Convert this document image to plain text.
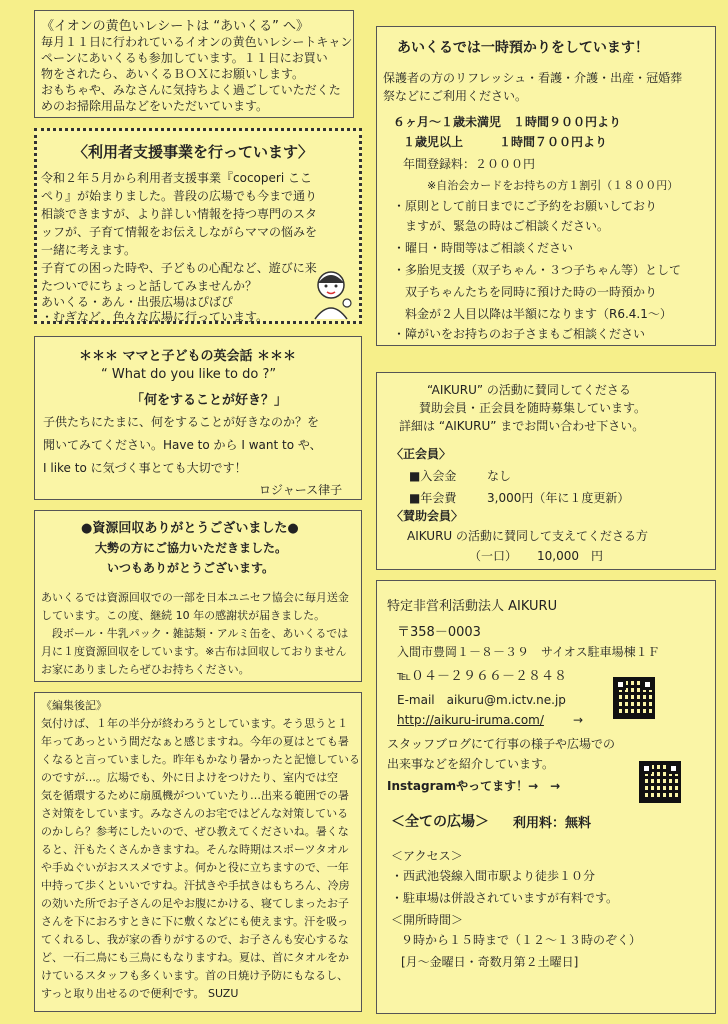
《イオンの黄色いレシートは “あいくる” へ》
毎月１１日に行われているイオンの黄色いレシートキャン
ペーンにあいくるも参加しています。１１日にお買い
物をされたら、あいくるＢＯＸにお願いします。
おもちゃや、みなさんに気持ちよく過ごしていただくた
めのお掃除用品などをいただいています。
〈利用者支援事業を行っています〉
令和２年５月から利用者支援事業『cocoperi ここ
ぺり』が始まりました。普段の広場でも今まで通り
相談できますが、より詳しい情報を持つ専門のスタ
ッフが、子育て情報をお伝えしながらママの悩みを
一緒に考えます。
子育ての困った時や、子どもの心配など、遊びに来
たついでにちょっと話してみませんか？
あいくる・あん・出張広場はぴばぴ
・むぎなど、色々な広場に行っています。
＊＊＊ ママと子どもの英会話 ＊＊＊
“ What do you like to do ?”
「何をすることが好き？」
子供たちにたまに、何をすることが好きなのか？を
聞いてみてください。Have to から I want to や、
I like to に気づく事とても大切です！
ロジャース律子
●資源回収ありがとうございました●
大勢の方にご協力いただきました。
いつもありがとうございます。
あいくるでは資源回収での一部を日本ユニセフ協会に毎月送金
しています。この度、継続 10 年の感謝状が届きました。
　段ボール・牛乳パック・雑誌類・アルミ缶を、あいくるでは
月に１度資源回収をしています。※古布は回収しておりません
お家にありましたらぜひお持ちください。
《編集後記》
気付けば、１年の半分が終わろうとしています。そう思うと１
年ってあっという間だなぁと感じますね。今年の夏はとても暑
くなると言っていました。昨年もかなり暑かったと記憶している
のですが…。広場でも、外に日よけをつけたり、室内では空
気を循環するために扇風機がついていたり…出来る範囲での暑
さ対策をしています。みなさんのお宅ではどんな対策している
のかしら？参考にしたいので、ぜひ教えてくださいね。暑くな
ると、汗もたくさんかきますね。そんな時期はスポーツタオル
や手ぬぐいがおススメですよ。何かと役に立ちますので、一年
中持って歩くといいですね。汗拭きや手拭きはもちろん、冷房
の効いた所でお子さんの足やお腹にかける、寝てしまったお子
さんを下におろすときに下に敷くなどにも使えます。汗を吸っ
てくれるし、我が家の香りがするので、お子さんも安心するな
ど、一石二鳥にも三鳥にもなりますね。夏は、首にタオルをか
けているスタッフも多くいます。首の日焼け予防にもなるし、
すっと取り出せるので便利です。 SUZU
あいくるでは一時預かりをしています！
保護者の方のリフレッシュ・看護・介護・出産・冠婚葬
祭などにご利用ください。
６ヶ月～１歳未満児　１時間９００円より
１歳児以上　　　１時間７００円より
年間登録料：２０００円
※自治会カードをお持ちの方１割引（１８００円）
・原則として前日までにご予約をお願いしており
　ますが、緊急の時はご相談ください。
・曜日・時間等はご相談ください
・多胎児支援（双子ちゃん・３つ子ちゃん等）として
　双子ちゃんたちを同時に預けた時の一時預かり
　料金が２人目以降は半額になります（R6.4.1～）
・障がいをお持ちのお子さまもご相談ください
“AIKURU” の活動に賛同してくださる
賛助会員・正会員を随時募集しています。
詳細は “AIKURU” までお問い合わせ下さい。
〈正会員〉
■入会金	なし
■年会費	3,000円（年に１度更新）
〈賛助会員〉
AIKURU の活動に賛同して支えてくださる方
（一口） 10,000　円
特定非営利活動法人 AIKURU
〒358－0003
入間市豊岡１－８－３９　サイオス駐車場棟１Ｆ
℡０４－２９６６－２８４８
E-mail　aikuru@m.ictv.ne.jp
http://aikuru-iruma.com/ →
スタッフブログにて行事の様子や広場での
出来事などを紹介しています。
Instagramやってます！→　→
＜全ての広場＞ 利用料：無料
＜アクセス＞
・西武池袋線入間市駅より徒歩１０分
・駐車場は併設されていますが有料です。
＜開所時間＞
９時から１５時まで（１２～１３時のぞく）
[月～金曜日・奇数月第２土曜日]
